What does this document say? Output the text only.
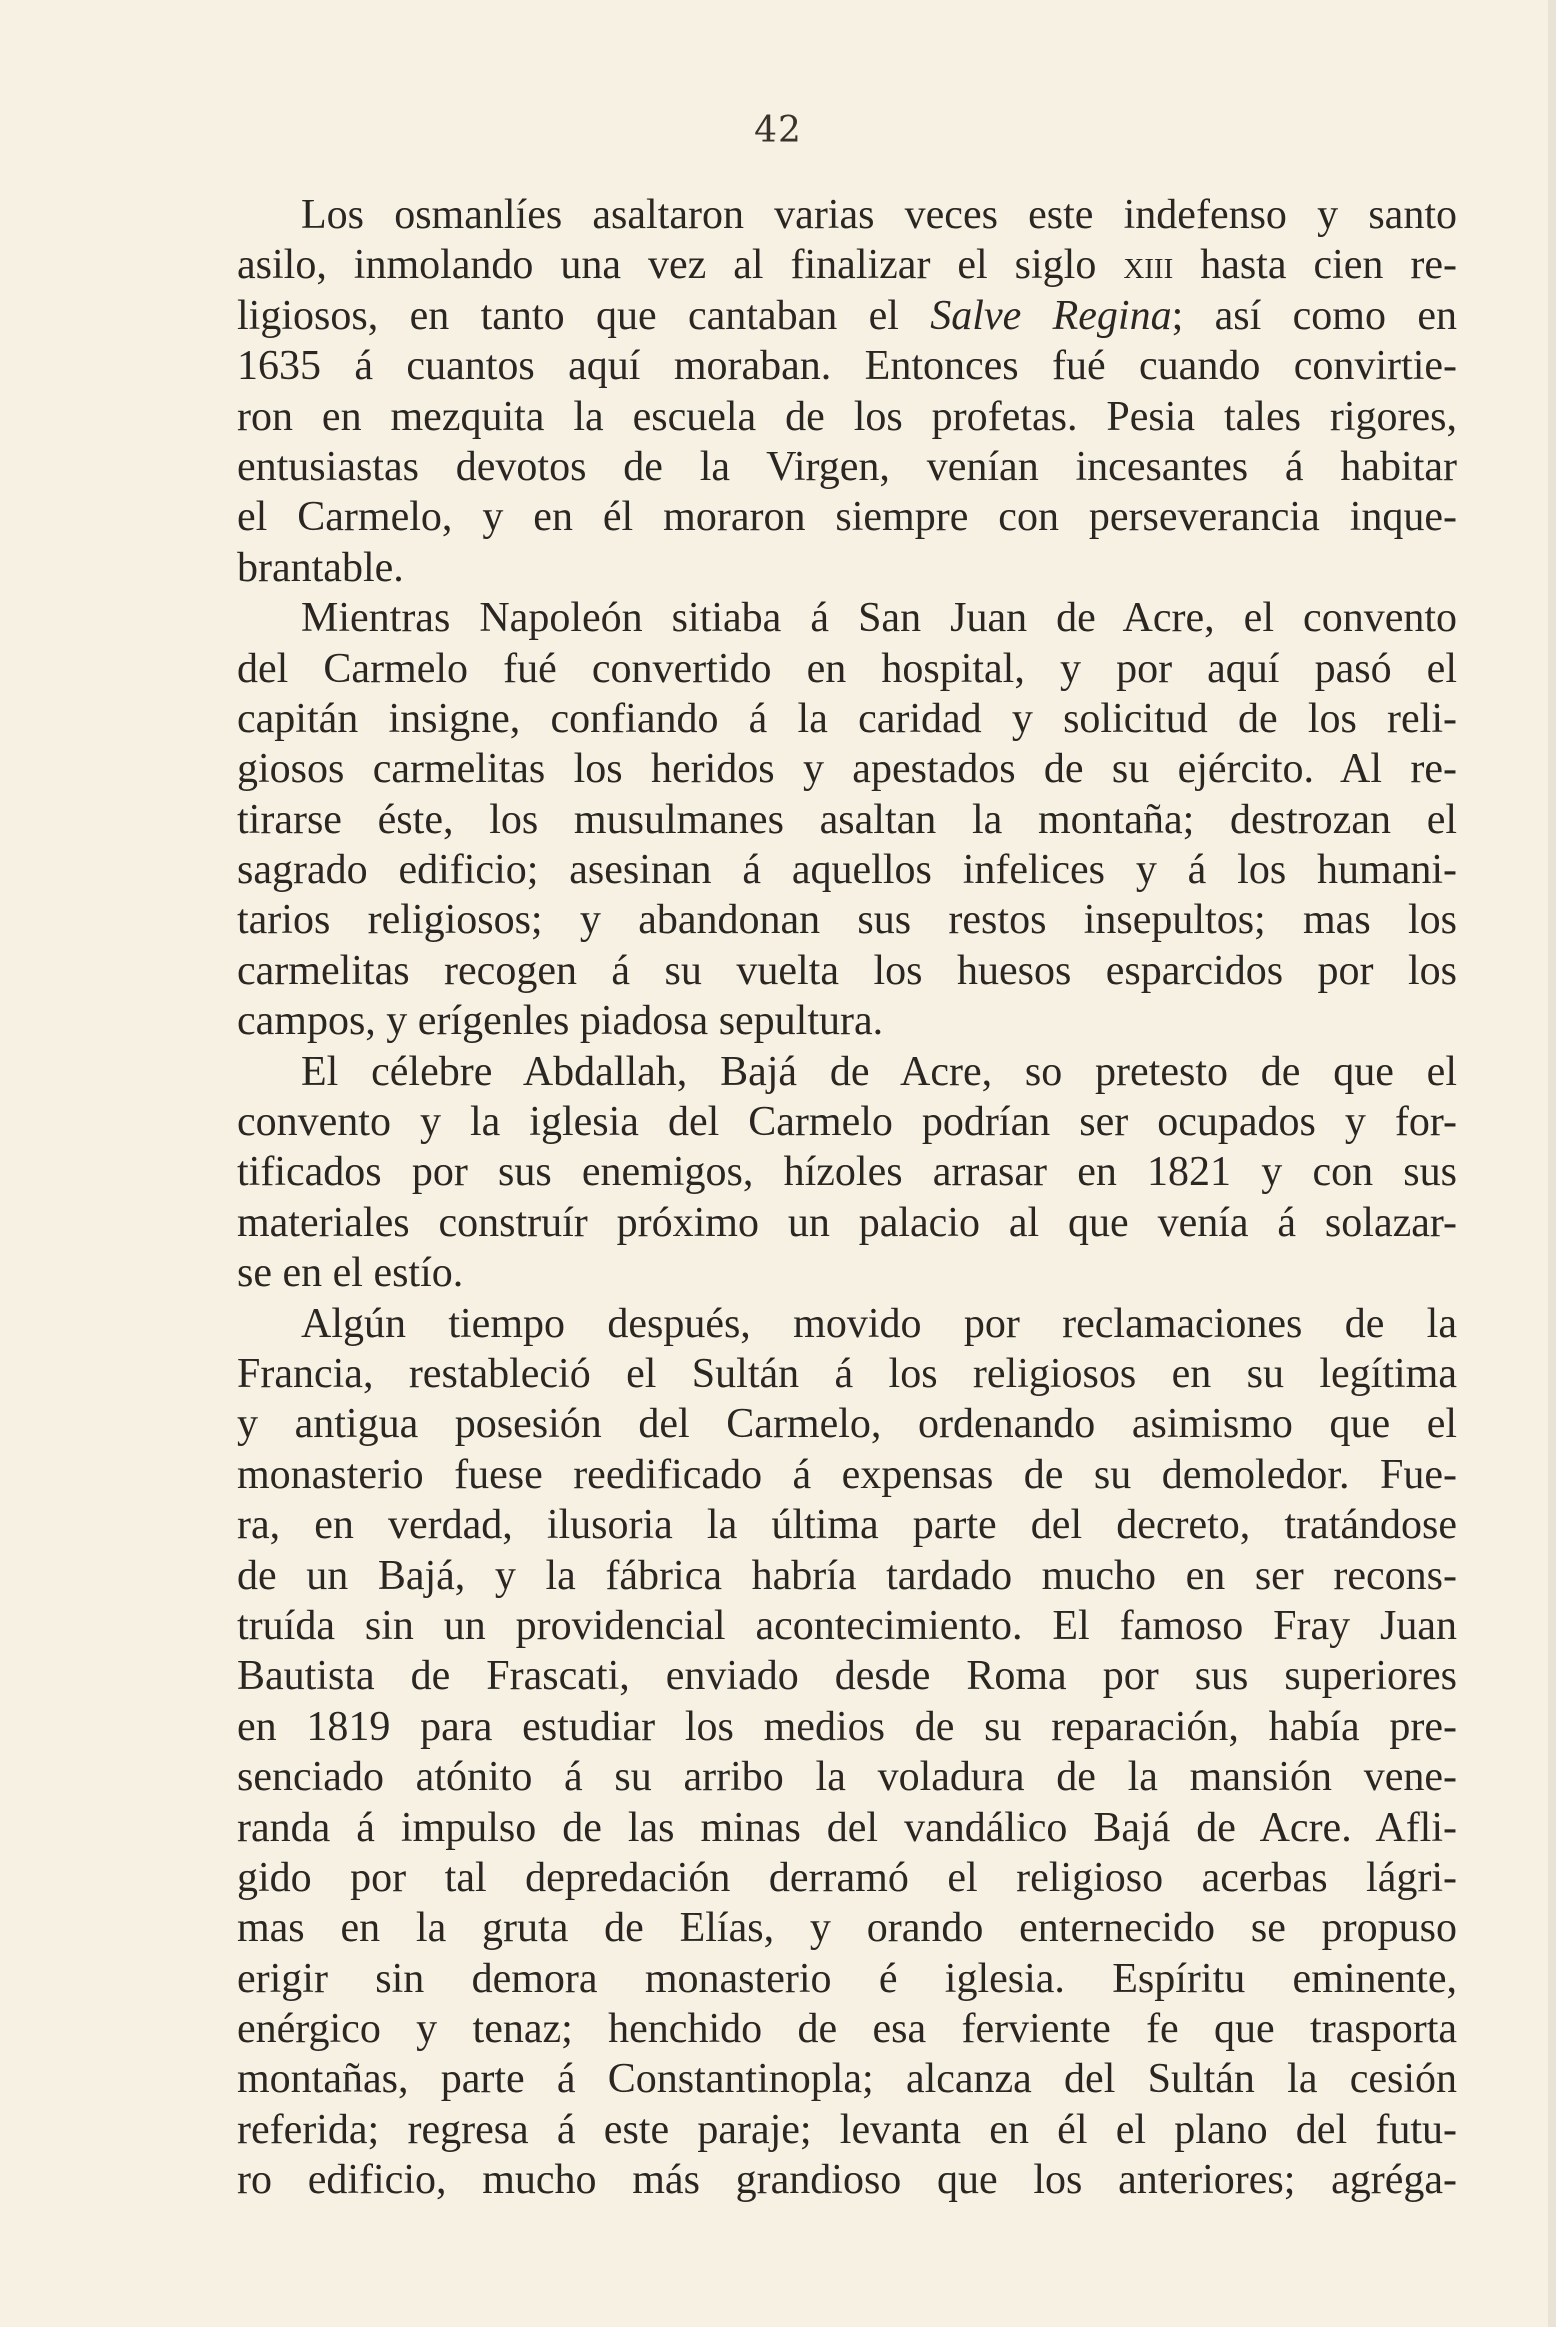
42
Los osmanlíes asaltaron varias veces este indefenso y santo
asilo, inmolando una vez al finalizar el siglo xiii hasta cien re-
ligiosos, en tanto que cantaban el Salve Regina; así como en
1635 á cuantos aquí moraban. Entonces fué cuando convirtie-
ron en mezquita la escuela de los profetas. Pesia tales rigores,
entusiastas devotos de la Virgen, venían incesantes á habitar
el Carmelo, y en él moraron siempre con perseverancia inque-
brantable.
Mientras Napoleón sitiaba á San Juan de Acre, el convento
del Carmelo fué convertido en hospital, y por aquí pasó el
capitán insigne, confiando á la caridad y solicitud de los reli-
giosos carmelitas los heridos y apestados de su ejército. Al re-
tirarse éste, los musulmanes asaltan la montaña; destrozan el
sagrado edificio; asesinan á aquellos infelices y á los humani-
tarios religiosos; y abandonan sus restos insepultos; mas los
carmelitas recogen á su vuelta los huesos esparcidos por los
campos, y erígenles piadosa sepultura.
El célebre Abdallah, Bajá de Acre, so pretesto de que el
convento y la iglesia del Carmelo podrían ser ocupados y for-
tificados por sus enemigos, hízoles arrasar en 1821 y con sus
materiales construír próximo un palacio al que venía á solazar-
se en el estío.
Algún tiempo después, movido por reclamaciones de la
Francia, restableció el Sultán á los religiosos en su legítima
y antigua posesión del Carmelo, ordenando asimismo que el
monasterio fuese reedificado á expensas de su demoledor. Fue-
ra, en verdad, ilusoria la última parte del decreto, tratándose
de un Bajá, y la fábrica habría tardado mucho en ser recons-
truída sin un providencial acontecimiento. El famoso Fray Juan
Bautista de Frascati, enviado desde Roma por sus superiores
en 1819 para estudiar los medios de su reparación, había pre-
senciado atónito á su arribo la voladura de la mansión vene-
randa á impulso de las minas del vandálico Bajá de Acre. Afli-
gido por tal depredación derramó el religioso acerbas lágri-
mas en la gruta de Elías, y orando enternecido se propuso
erigir sin demora monasterio é iglesia. Espíritu eminente,
enérgico y tenaz; henchido de esa ferviente fe que trasporta
montañas, parte á Constantinopla; alcanza del Sultán la cesión
referida; regresa á este paraje; levanta en él el plano del futu-
ro edificio, mucho más grandioso que los anteriores; agréga-
